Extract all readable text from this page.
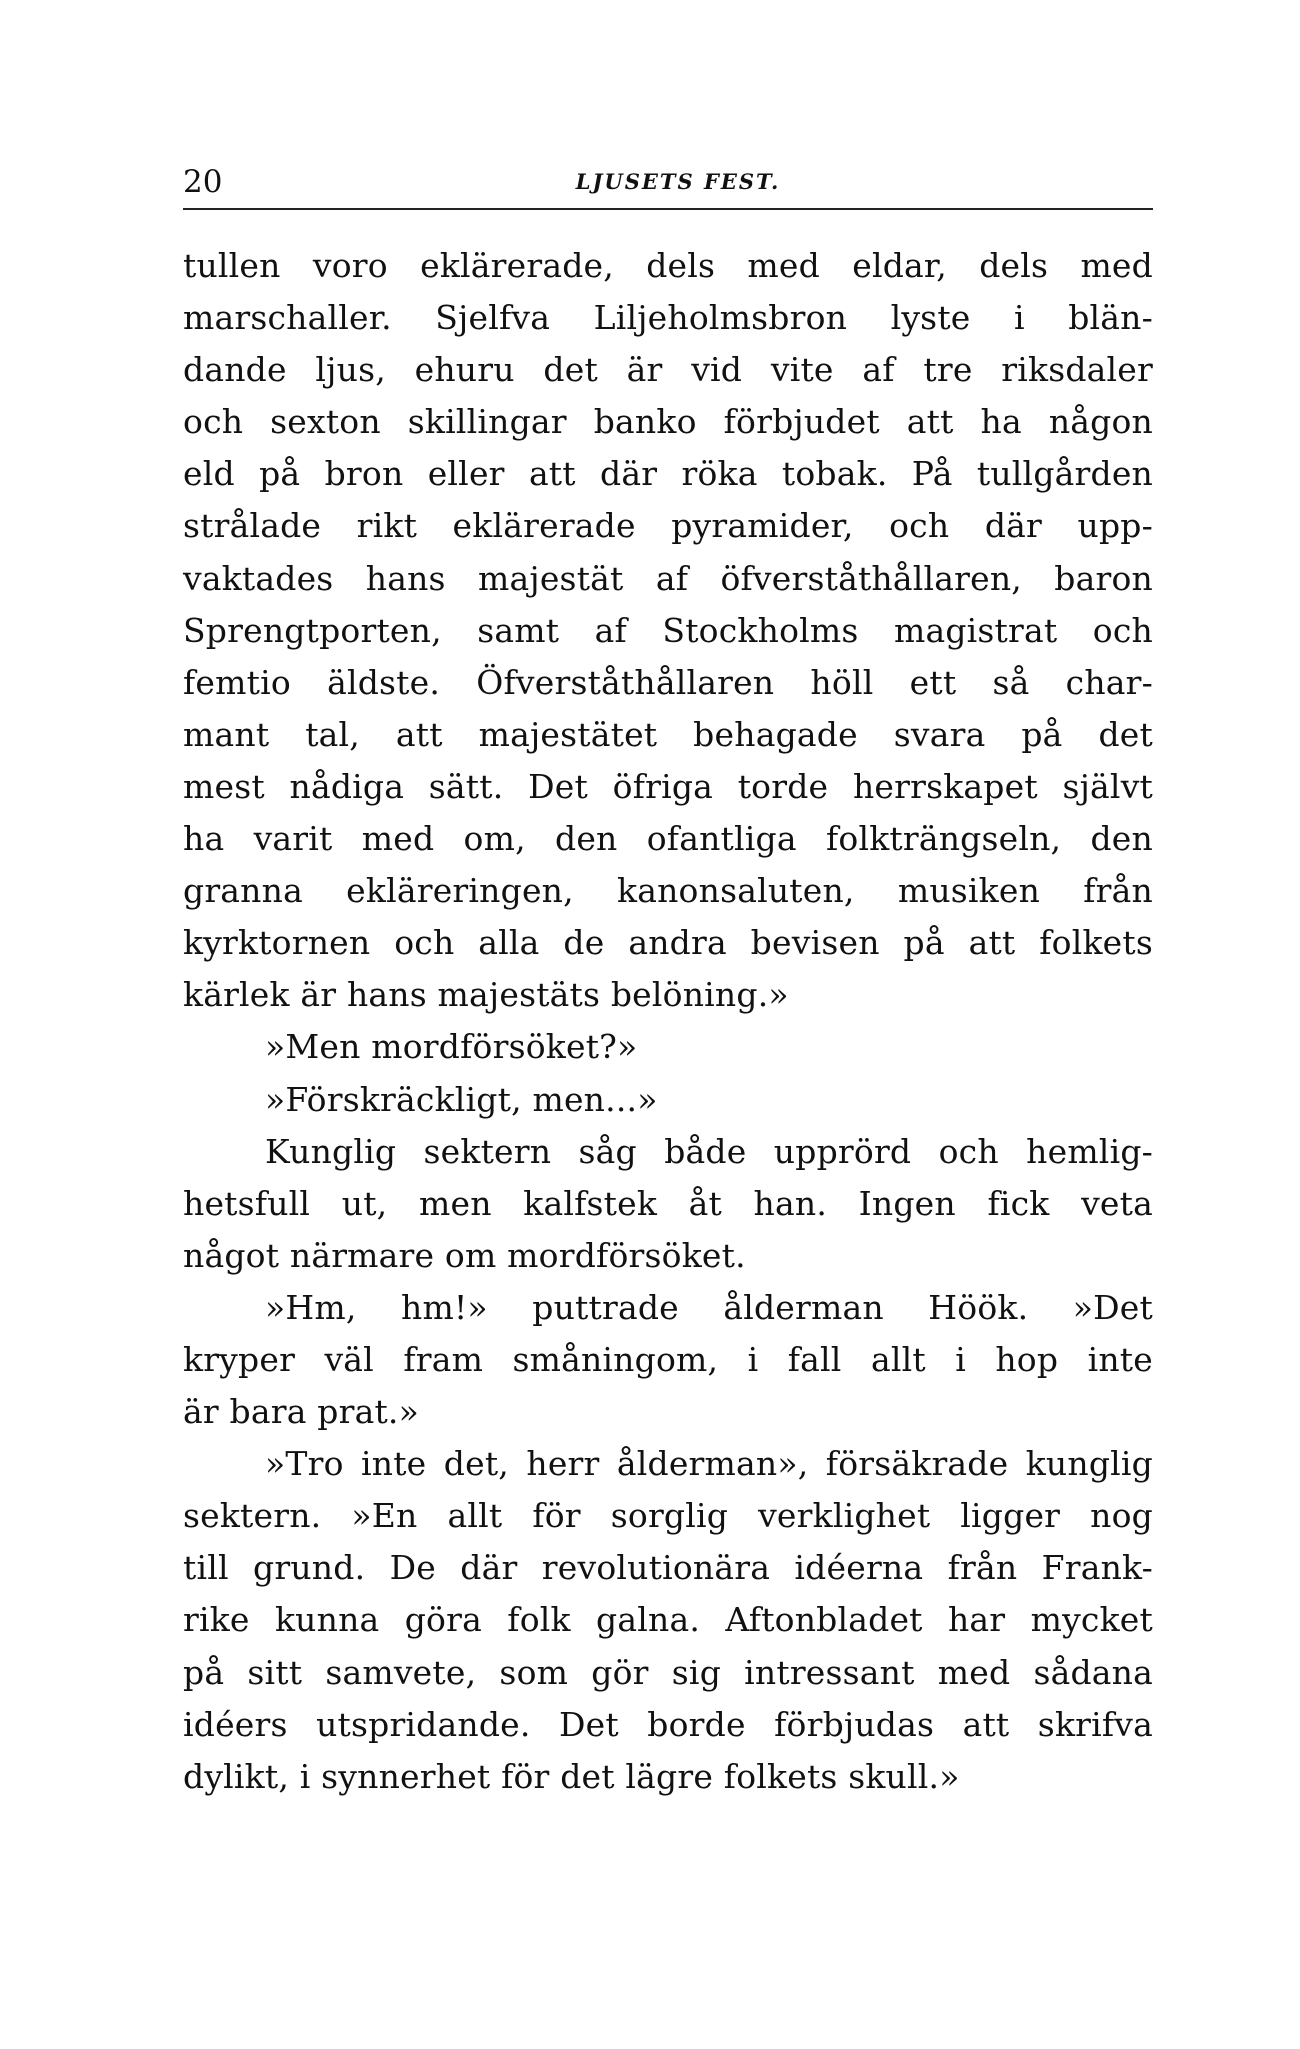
20	LJUSETS FEST.
tullen voro eklärerade, dels med eldar, dels med
marschaller. Sjelfva Liljeholmsbron lyste i blän-
dande ljus, ehuru det är vid vite af tre riksdaler
och sexton skillingar banko förbjudet att ha någon
eld på bron eller att där röka tobak. På tullgården
strålade rikt eklärerade pyramider, och där upp-
vaktades hans majestät af öfverståthållaren, baron
Sprengtporten, samt af Stockholms magistrat och
femtio äldste. Öfverståthållaren höll ett så char-
mant tal, att majestätet behagade svara på det
mest nådiga sätt. Det öfriga torde herrskapet självt
ha varit med om, den ofantliga folkträngseln, den
granna ekläreringen, kanonsaluten, musiken från
kyrktornen och alla de andra bevisen på att folkets
kärlek är hans majestäts belöning.»
»Men mordförsöket?»
»Förskräckligt, men...»
Kunglig sektern såg både upprörd och hemlig-
hetsfull ut, men kalfstek åt han. Ingen fick veta
något närmare om mordförsöket.
»Hm, hm!» puttrade ålderman Höök. »Det
kryper väl fram småningom, i fall allt i hop inte
är bara prat.»
»Tro inte det, herr ålderman», försäkrade kunglig
sektern. »En allt för sorglig verklighet ligger nog
till grund. De där revolutionära idéerna från Frank-
rike kunna göra folk galna. Aftonbladet har mycket
på sitt samvete, som gör sig intressant med sådana
idéers utspridande. Det borde förbjudas att skrifva
dylikt, i synnerhet för det lägre folkets skull.»
